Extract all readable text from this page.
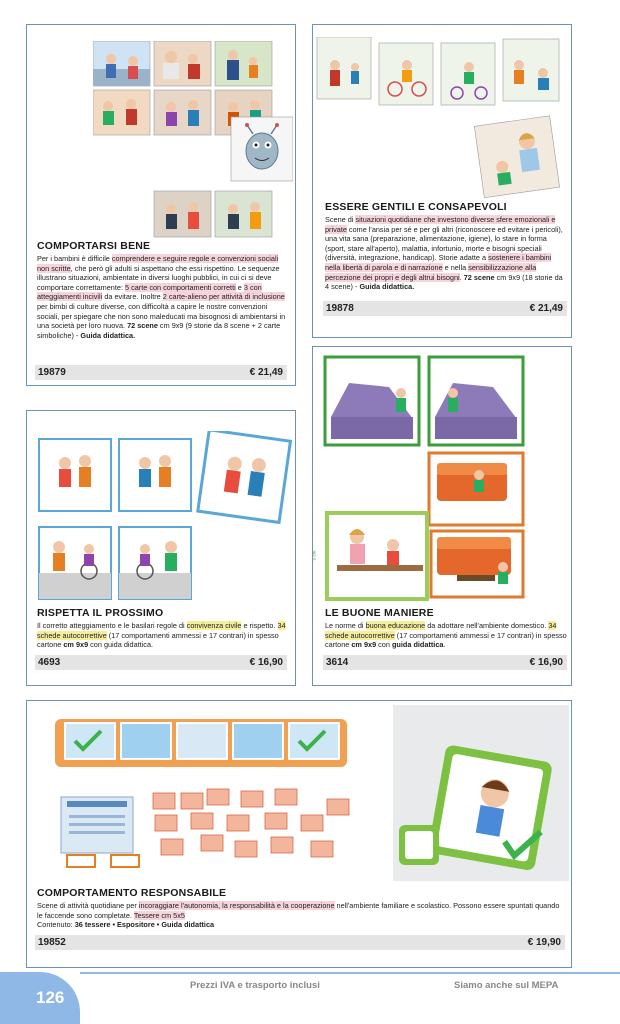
COMPORTARSI BENE
Per i bambini è difficile comprendere e seguire regole e convenzioni sociali non scritte, che però gli adulti si aspettano che essi rispettino. Le sequenze illustrano situazioni, ambientate in diversi luoghi pubblici, in cui ci si deve comportare correttamente: 5 carte con comportamenti corretti e 3 con atteggiamenti incivili da evitare. Inoltre 2 carte-alieno per attività di inclusione per bimbi di culture diverse, con difficoltà a capire le nostre convenzioni sociali, per spiegare che non sono maleducati ma bisognosi di ambientarsi in una società per loro nuova. 72 scene cm 9x9 (9 storie da 8 scene + 2 carte simboliche) - Guida didattica.
19879	€ 21,49
ESSERE GENTILI E CONSAPEVOLI
Scene di situazioni quotidiane che investono diverse sfere emozionali e private come l'ansia per sé e per gli altri (riconoscere ed evitare i pericoli), una vita sana (preparazione, alimentazione, igiene), lo stare in forma (sport, stare all'aperto), malattia, infortunio, morte e bisogni speciali (diversità, integrazione, handicap). Storie adatte a sostenere i bambini nella libertà di parola e di narrazione e nella sensibilizzazione alla percezione dei propri e degli altrui bisogni. 72 scene cm 9x9 (18 storie da 4 scene) - Guida didattica.
19878	€ 21,49
RISPETTA IL PROSSIMO
Il corretto atteggiamento e le basilari regole di convivenza civile e rispetto. 34 schede autocorrettive (17 comportamenti ammessi e 17 contrari) in spesso cartone cm 9x9 con guida didattica.
4693	€ 16,90
9 cm
LE BUONE MANIERE
Le norme di buona educazione da adottare nell'ambiente domestico. 34 schede autocorrettive (17 comportamenti ammessi e 17 contrari) in spesso cartone cm 9x9 con guida didattica.
3614	€ 16,90
COMPORTAMENTO RESPONSABILE
Scene di attività quotidiane per incoraggiare l'autonomia, la responsabilità e la cooperazione nell'ambiente familiare e scolastico. Possono essere spuntati quando le faccende sono completate. Tessere cm 5x5
Contenuto: 36 tessere • Espositore • Guida didattica
19852	€ 19,90
126
Prezzi IVA e trasporto inclusi	Siamo anche sul MEPA
